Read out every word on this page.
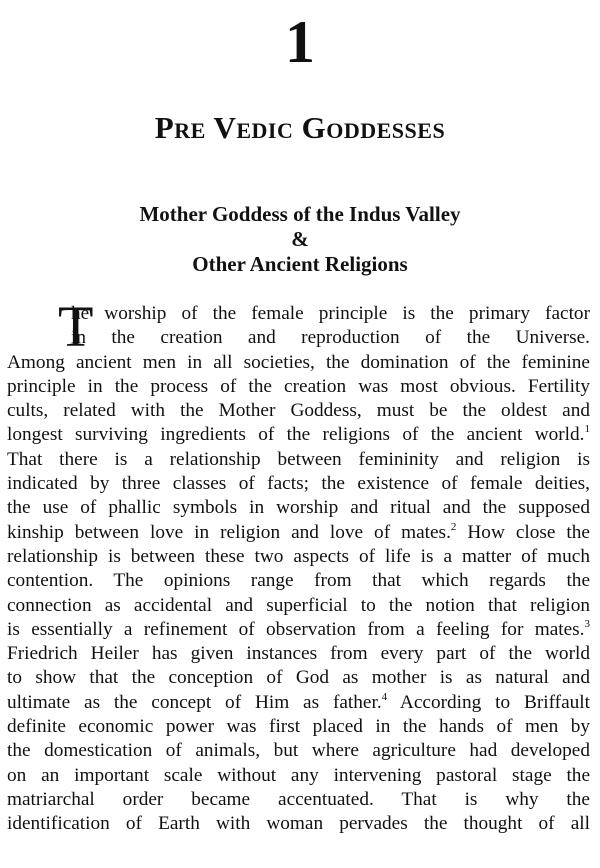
1
Pre Vedic Goddesses
Mother Goddess of the Indus Valley
&
Other Ancient Religions
T
he worship of the female principle is the primary factor
in the creation and reproduction of the Universe.
Among ancient men in all societies, the domination of the feminine
principle in the process of the creation was most obvious. Fertility
cults, related with the Mother Goddess, must be the oldest and
longest surviving ingredients of the religions of the ancient world.$^1$
That there is a relationship between femininity and religion is
indicated by three classes of facts; the existence of female deities,
the use of phallic symbols in worship and ritual and the supposed
kinship between love in religion and love of mates.$^2$ How close the
relationship is between these two aspects of life is a matter of much
contention. The opinions range from that which regards the
connection as accidental and superficial to the notion that religion
is essentially a refinement of observation from a feeling for mates.$^3$
Friedrich Heiler has given instances from every part of the world
to show that the conception of God as mother is as natural and
ultimate as the concept of Him as father.$^4$ According to Briffault
definite economic power was first placed in the hands of men by
the domestication of animals, but where agriculture had developed
on an important scale without any intervening pastoral stage the
matriarchal order became accentuated. That is why the
identification of Earth with woman pervades the thought of all
